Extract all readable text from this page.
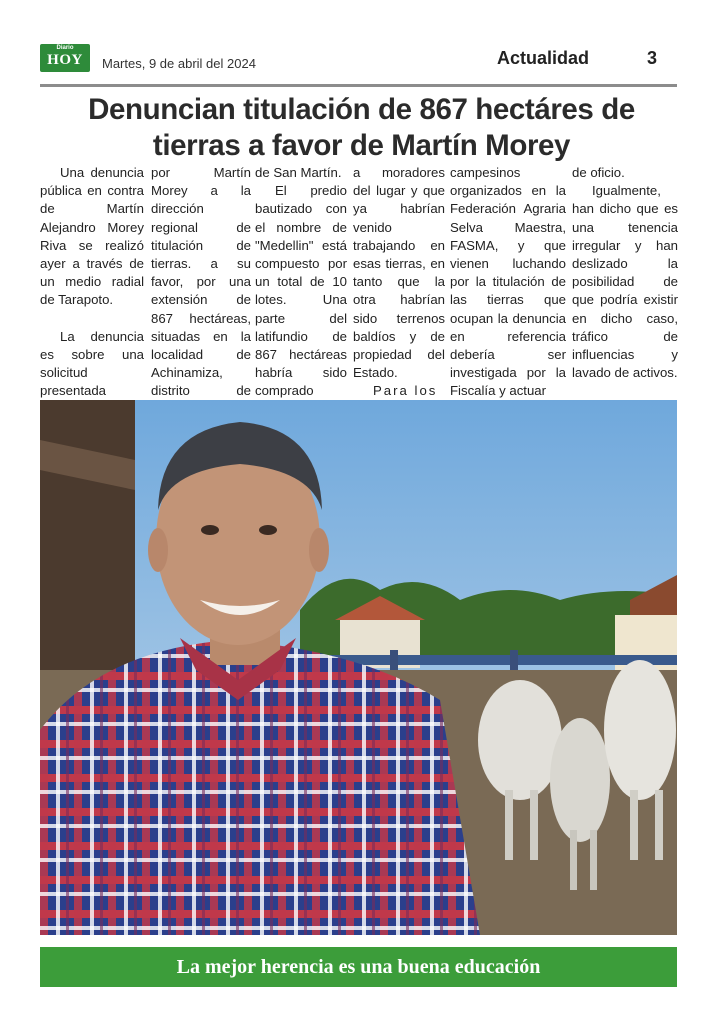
Diario
HOY	Martes, 9 de abril del 2024	Actualidad	3
Denuncian titulación de 867 hectáres de
tierras a favor de Martín Morey

Una denuncia pública en contra de Martín Alejandro Morey Riva se realizó ayer a través de un medio radial de Tarapoto.

La denuncia es sobre una solicitud presentada

por Martín Morey a la dirección regional de titulación de tierras. a su favor, por una extensión de 867 hectáreas, situadas en la localidad de Achinamiza, distrito de

de San Martín.

El predio bautizado con el nombre de "Medellin" está compuesto por un total de 10 lotes. Una parte del latifundio de 867 hectáreas habría sido comprado

a moradores del lugar y que ya habrían venido trabajando en esas tierras, en tanto que la otra habrían sido terrenos baldíos y de propiedad del Estado.

Para los

campesinos organizados en la Federación Agraria Selva Maestra, FASMA, y que vienen luchando por la titulación de las tierras que ocupan la denuncia en referencia debería ser investigada por la Fiscalía y actuar

de oficio.

Igualmente, han dicho que es una tenencia irregular y han deslizado la posibilidad de que podría existir en dicho caso, tráfico de influencias y lavado de activos.

La mejor herencia es una buena educación
